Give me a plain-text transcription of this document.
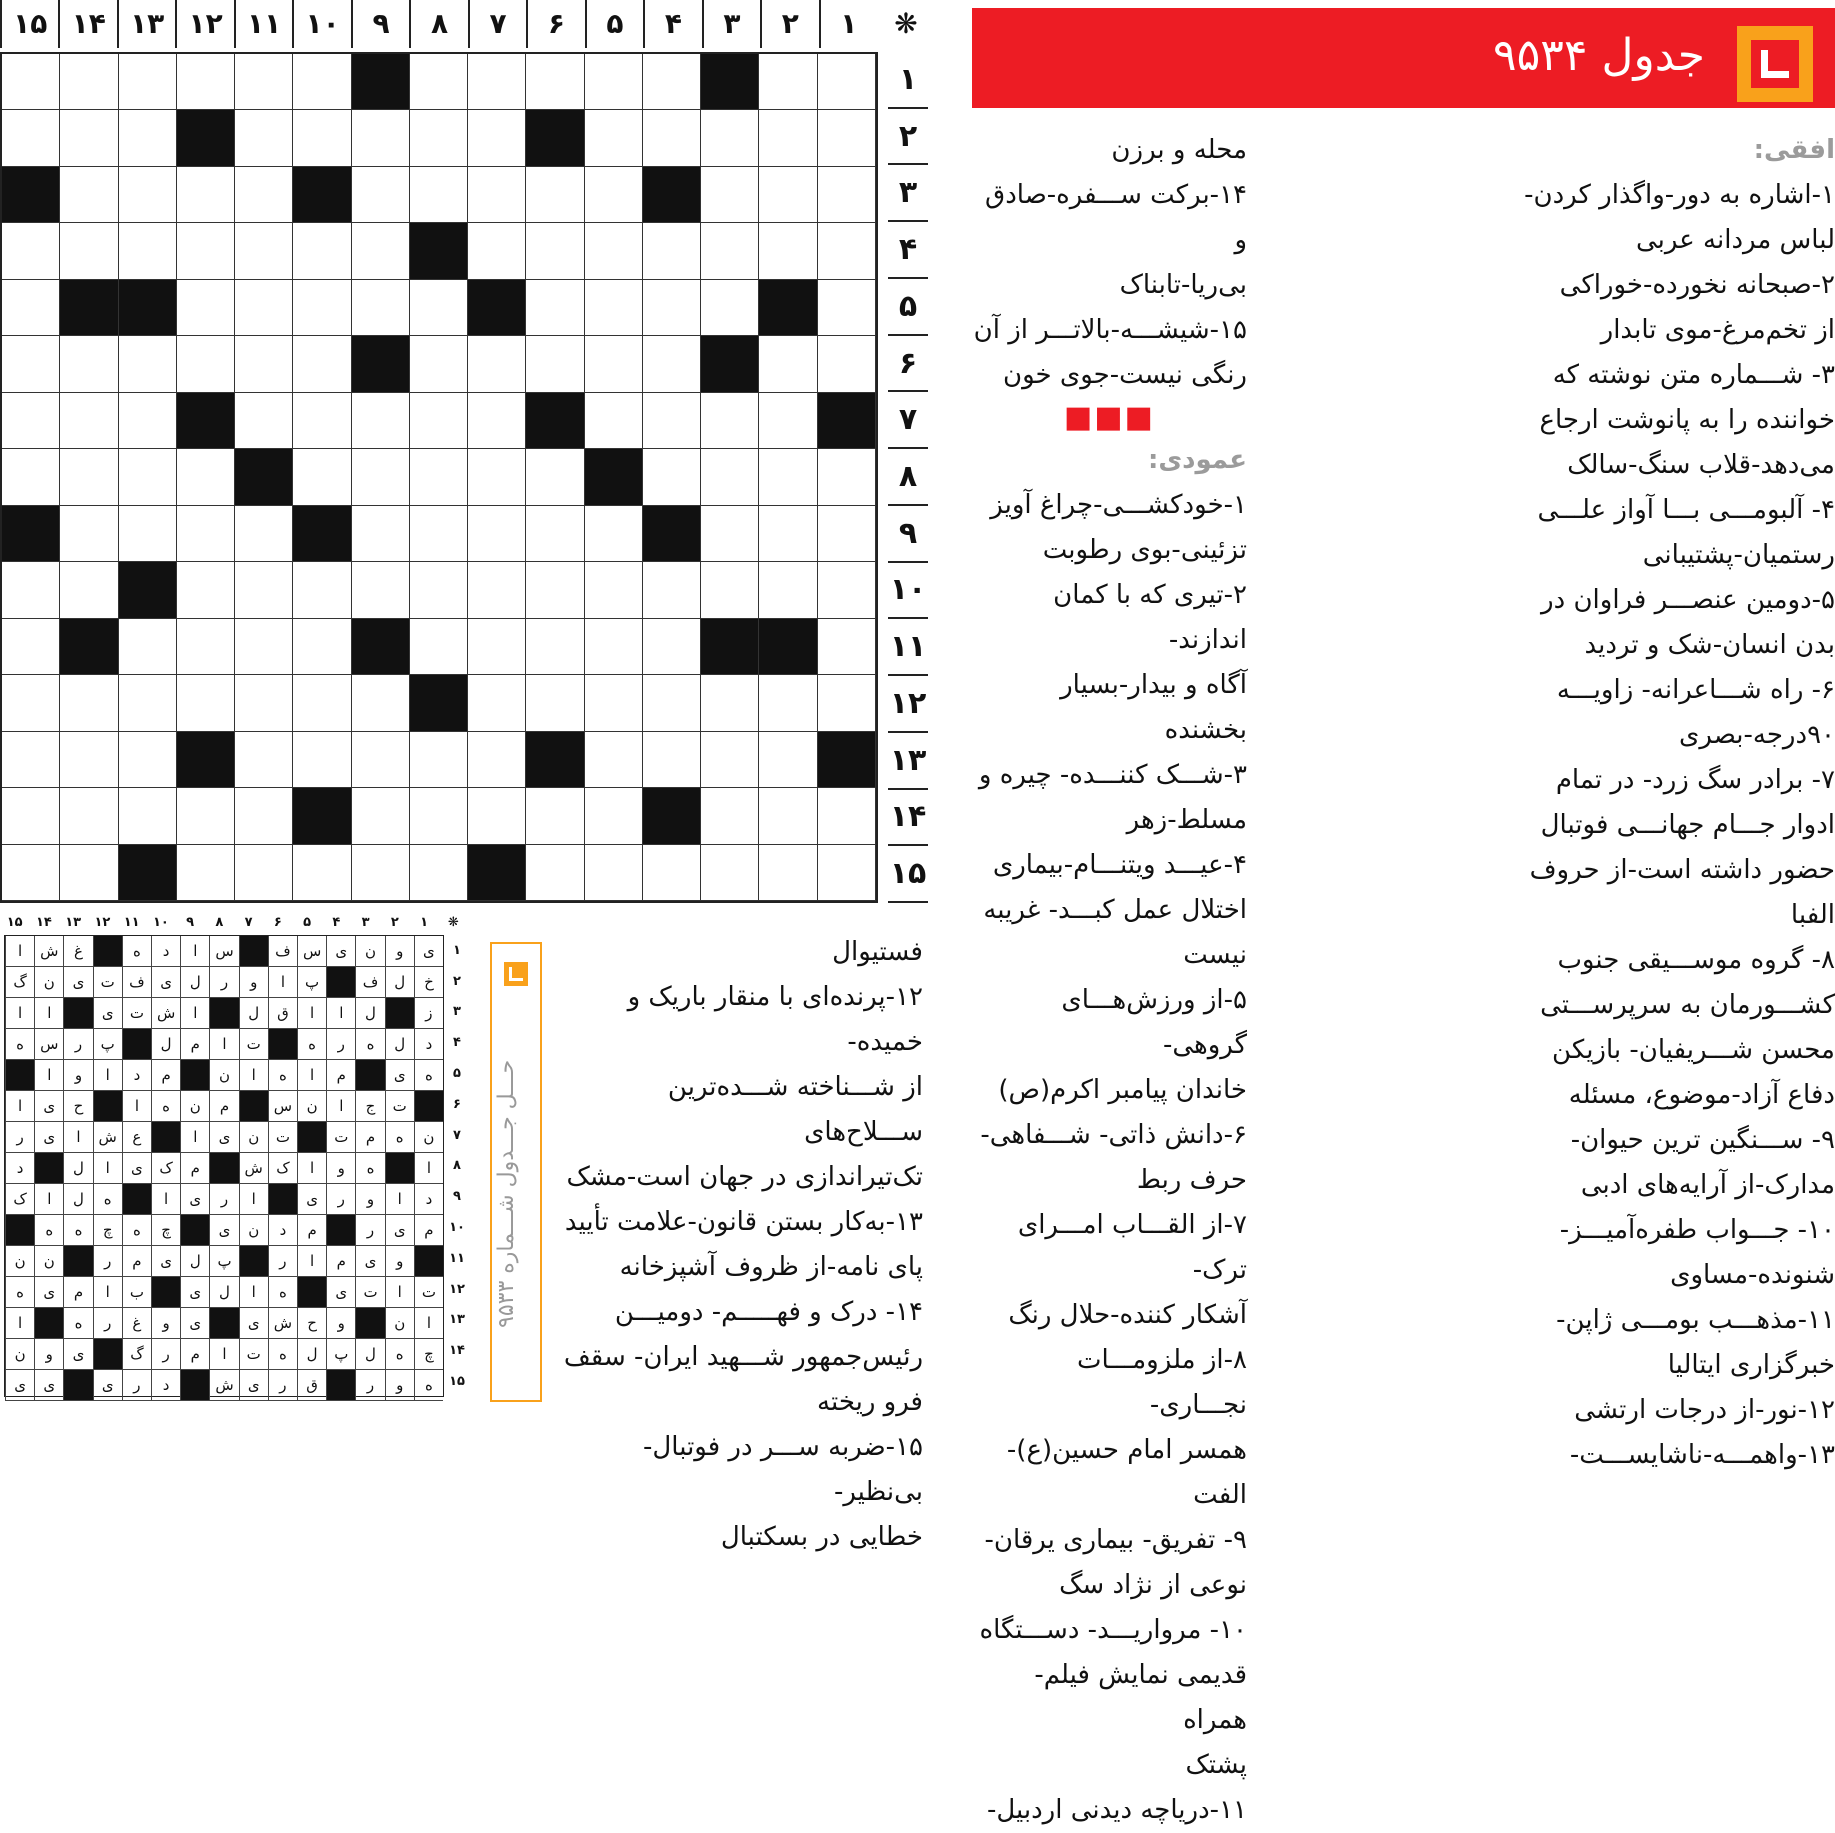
❋
۱
۲
۳
۴
۵
۶
۷
۸
۹
۱۰
۱۱
۱۲
۱۳
۱۴
۱۵
۱
۲
۳
۴
۵
۶
۷
۸
۹
۱۰
۱۱
۱۲
۱۳
۱۴
۱۵
جدول ۹۵۳۴

افقی:

۱-اشاره به دور-واگذار کردن-

لباس مردانه عربی

۲-صبحانه نخورده-خوراکی

از تخم‌مرغ-موی تابدار

۳- شـــماره متن نوشته که

خواننده را به پانوشت ارجاع

می‌دهد-قلاب سنگ-سالک

۴- آلبومـــی بـــا آواز علـــی

رستمیان-پشتیبانی

۵-دومین عنصـــر فراوان در

بدن انسان-شک و تردید

۶- راه شـــاعرانه- زاویـــه

۹۰درجه-بصری

۷- برادر سگ زرد- در تمام

ادوار جـــام جهانـــی فوتبال

حضور داشته است-از حروف

الفبا

۸- گروه موســـیقی جنوب

کشـــورمان به سرپرســـتی

محسن شـــریفیان- بازیکن

دفاع آزاد-موضوع، مسئله

۹- ســـنگین ترین حیوان-

مدارک-از آرایه‌های ادبی

۱۰- جـــواب طفره‌آمیـــز-

شنونده-مساوی

۱۱-مذهـــب بومـــی ژاپن-

خبرگزاری ایتالیا

۱۲-نور-از درجات ارتشی

۱۳-واهمـــه-ناشایســـت-

محله و برزن

۱۴-برکت ســـفره-صادق و

بی‌ریا-تابناک

۱۵-شیشـــه-بالاتـــر از آن

رنگی نیست-جوی خون

■■■

عمودی:

۱-خودکشـــی-چراغ آویز

تزئینی-بوی رطوبت

۲-تیری که با کمان اندازند-

آگاه و بیدار-بسیار بخشنده

۳-شـــک کننـــده- چیره و

مسلط-زهر

۴-عیـــد ویتنـــام-بیماری

اختلال عمل کبـــد- غریبه

نیست

۵-از ورزش‌هـــای گروهی-

خاندان پیامبر اکرم(ص)

۶-دانش ذاتی- شـــفاهی-

حرف ربط

۷-از القـــاب امـــرای ترک-

آشکار کننده-حلال رنگ

۸-از ملزومـــات نجـــاری-

همسر امام حسین(ع)-الفت

۹- تفریق- بیماری یرقان-

نوعی از نژاد سگ

۱۰- مرواریـــد- دســـتگاه

قدیمی نمایش فیلم- همراه

پشتک

۱۱-دریاچه دیدنی اردبیل-

فستیوال

۱۲-پرنده‌ای با منقار باریک و خمیده-

از شـــناخته شـــده‌ترین ســـلاح‌های

تک‌تیراندازی در جهان است-مشک

۱۳-به‌کار بستن قانون-علامت تأیید

پای نامه-از ظروف آشپزخانه

۱۴- درک و فهـــــم- دومیـــن

رئیس‌جمهور شـــهید ایران- سقف

فرو ریخته

۱۵-ضربه ســـر در فوتبال-بی‌نظیر-

خطایی در بسکتبال

حـــل جـــدول شـــماره ۹۵۳۳
❋
۱
۲
۳
۴
۵
۶
۷
۸
۹
۱۰
۱۱
۱۲
۱۳
۱۴
۱۵
ی
و
ن
ی
س
ف
س
ا
د
ه
غ
ش
ا
خ
ل
ف
پ
ا
و
ر
ل
ی
ف
ت
ی
ن
گ
ز
ل
ا
ا
ق
ل
ا
ش
ت
ی
ا
ا
د
ل
ه
ر
ه
ت
ا
م
ل
پ
ر
س
ه
ه
ی
م
ا
ه
ا
ن
م
د
ا
و
ا
ت
ج
ا
ن
س
م
ن
ه
ا
ح
ی
ا
ن
ه
م
ت
ت
ن
ی
ا
ع
ش
ا
ی
ر
ا
ه
و
ا
ک
ش
م
ک
ی
ا
ل
د
د
ا
و
ر
ی
ا
ر
ی
ا
ه
ل
ا
ک
م
ی
ر
م
د
ن
ی
چ
ه
چ
ه
ه
و
ی
م
ا
ر
پ
ل
ی
م
ر
ن
ن
ت
ا
ت
ی
ه
ا
ل
ی
ب
ا
م
ی
ه
ا
ن
و
ح
ش
ی
ی
و
غ
ر
ه
ا
چ
ه
ل
پ
ل
ه
ت
ا
م
ر
گ
ی
و
ن
ه
و
ر
ق
ر
ی
ش
د
ر
ی
ی
ی
۱
۲
۳
۴
۵
۶
۷
۸
۹
۱۰
۱۱
۱۲
۱۳
۱۴
۱۵
